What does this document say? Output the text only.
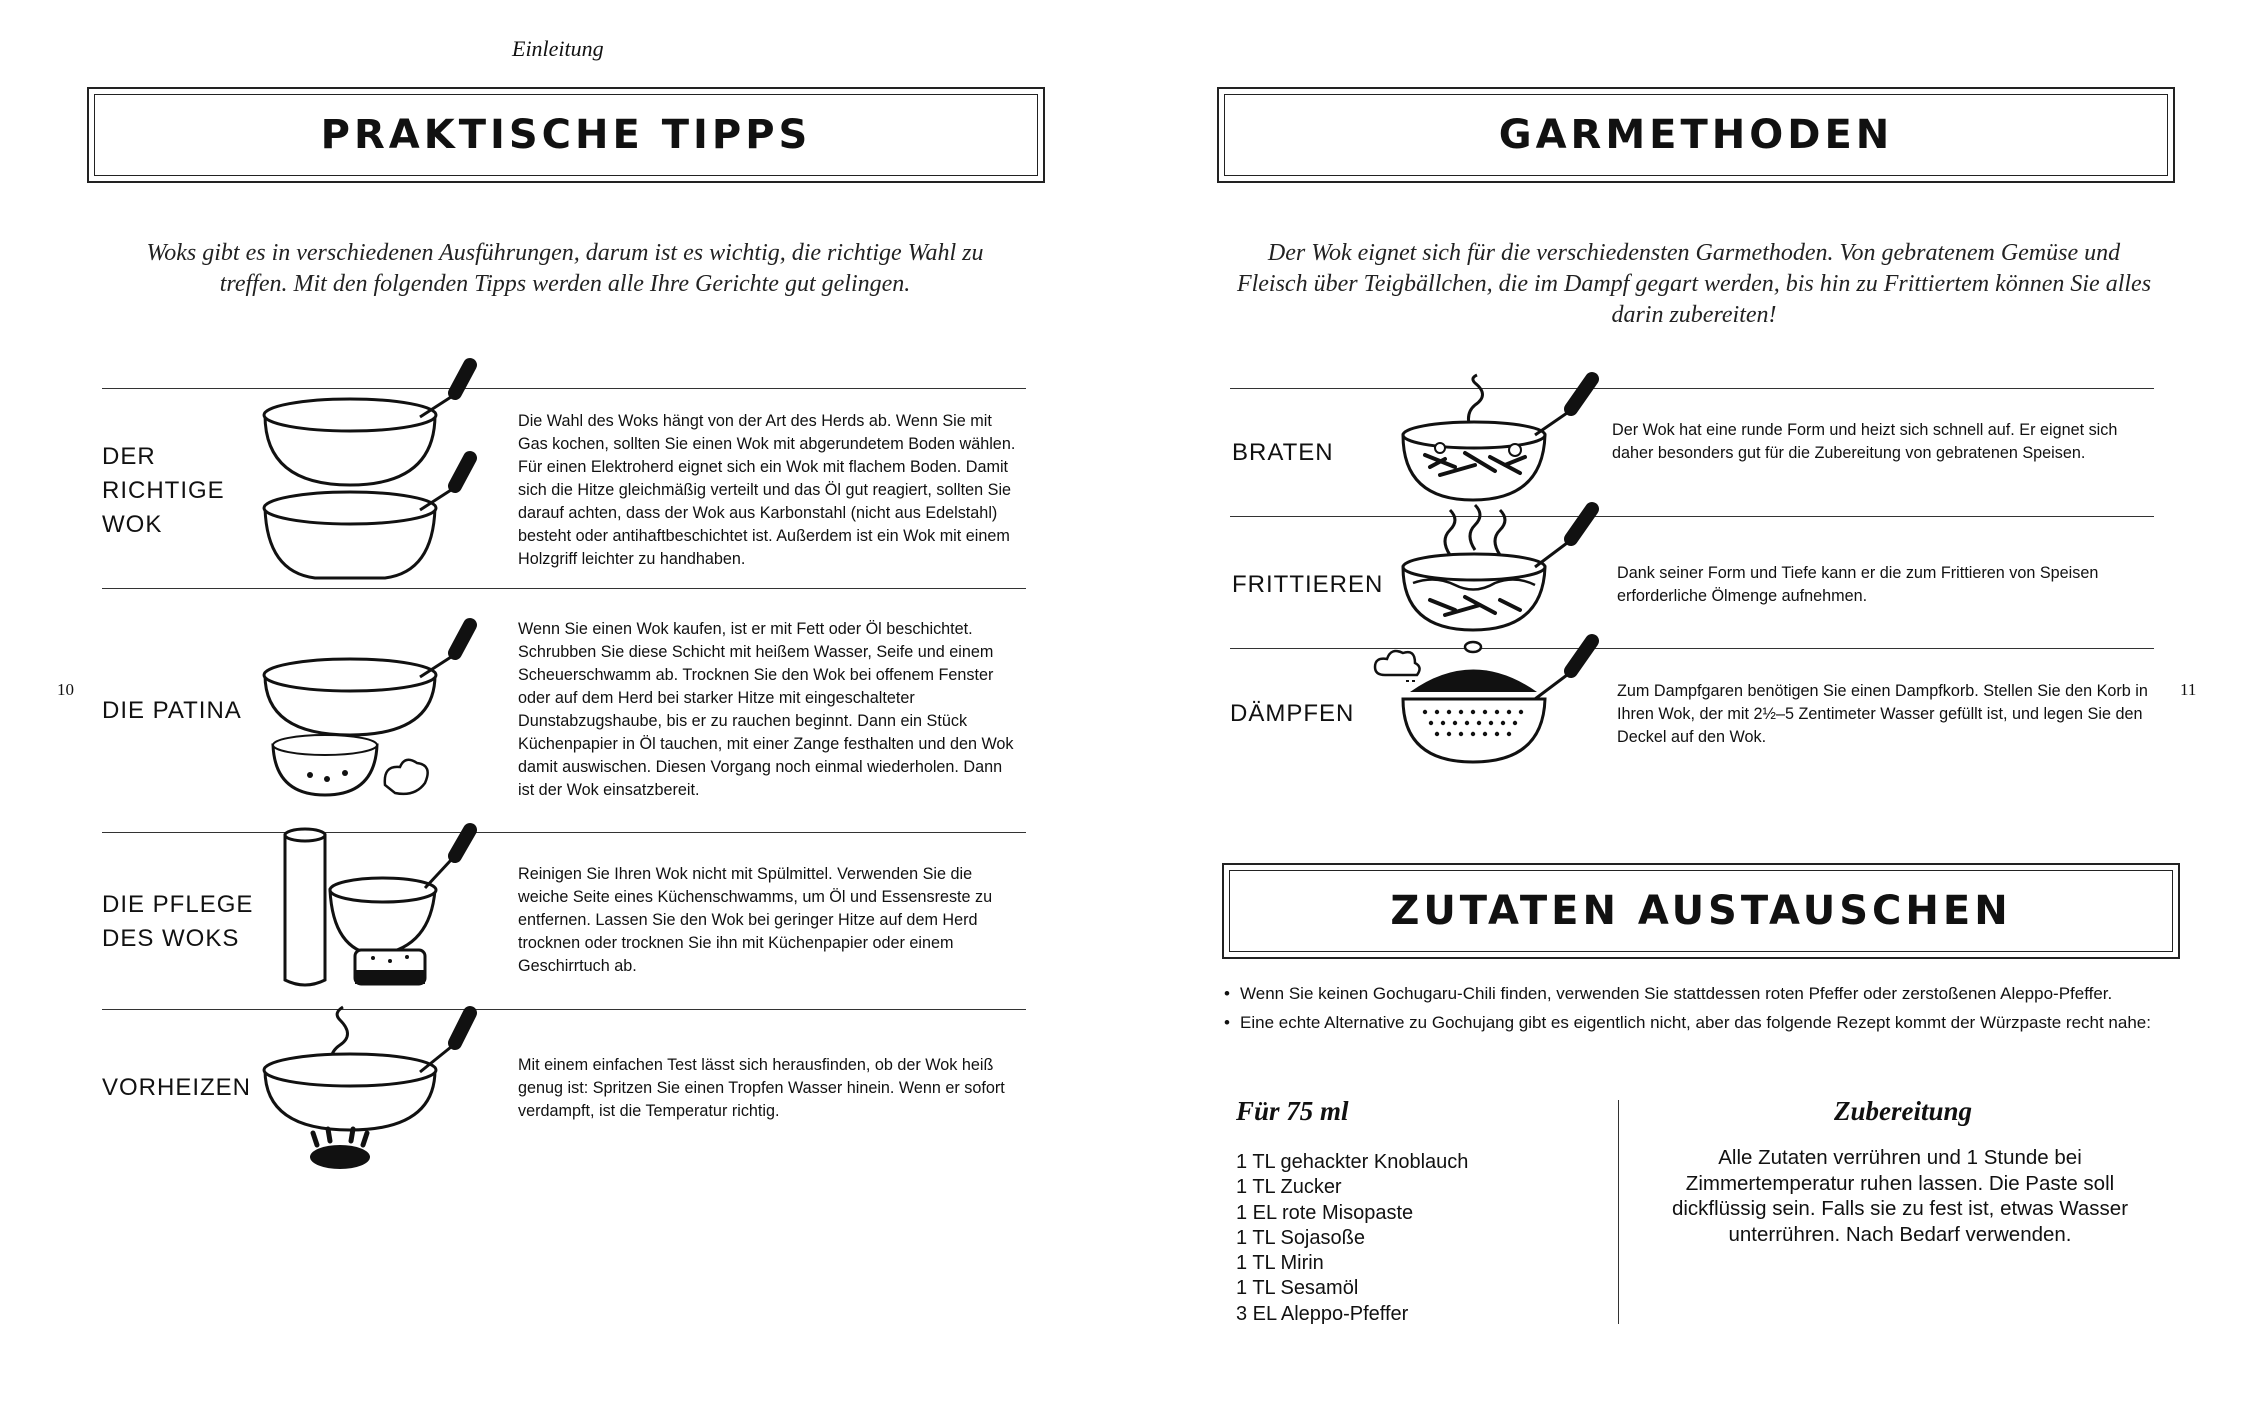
Einleitung
PRAKTISCHE TIPPS
Woks gibt es in verschiedenen Ausführungen, darum ist es wichtig, die richtige Wahl zu treffen. Mit den folgenden Tipps werden alle Ihre Gerichte gut gelingen.
DER
RICHTIGE
WOK
Die Wahl des Woks hängt von der Art des Herds ab. Wenn Sie mit Gas kochen, sollten Sie einen Wok mit abgerundetem Boden wählen. Für einen Elektroherd eignet sich ein Wok mit flachem Boden. Damit sich die Hitze gleichmäßig verteilt und das Öl gut reagiert, sollten Sie darauf achten, dass der Wok aus Karbonstahl (nicht aus Edelstahl) besteht oder antihaftbeschichtet ist. Außerdem ist ein Wok mit einem Holzgriff leichter zu handhaben.
DIE PATINA
Wenn Sie einen Wok kaufen, ist er mit Fett oder Öl beschichtet. Schrubben Sie diese Schicht mit heißem Wasser, Seife und einem Scheuerschwamm ab. Trocknen Sie den Wok bei offenem Fenster oder auf dem Herd bei starker Hitze mit eingeschalteter Dunstabzugshaube, bis er zu rauchen beginnt. Dann ein Stück Küchenpapier in Öl tauchen, mit einer Zange festhalten und den Wok damit auswischen. Diesen Vorgang noch einmal wiederholen. Dann ist der Wok einsatzbereit.
DIE PFLEGE
DES WOKS
Reinigen Sie Ihren Wok nicht mit Spülmittel. Verwenden Sie die weiche Seite eines Küchenschwamms, um Öl und Essensreste zu entfernen. Lassen Sie den Wok bei geringer Hitze auf dem Herd trocknen oder trocknen Sie ihn mit Küchenpapier oder einem Geschirrtuch ab.
VORHEIZEN
Mit einem einfachen Test lässt sich herausfinden, ob der Wok heiß genug ist: Spritzen Sie einen Tropfen Wasser hinein. Wenn er sofort verdampft, ist die Temperatur richtig.
10
GARMETHODEN
Der Wok eignet sich für die verschiedensten Garmethoden. Von gebratenem Gemüse und Fleisch über Teigbällchen, die im Dampf gegart werden, bis hin zu Frittiertem können Sie alles darin zubereiten!
BRATEN
Der Wok hat eine runde Form und heizt sich schnell auf. Er eignet sich daher besonders gut für die Zubereitung von gebratenen Speisen.
FRITTIEREN	Dank seiner Form und Tiefe kann er die zum Frittieren von Speisen erforderliche Ölmenge aufnehmen.
DÄMPFEN
Zum Dampfgaren benötigen Sie einen Dampfkorb. Stellen Sie den Korb in Ihren Wok, der mit 2½–5 Zentimeter Wasser gefüllt ist, und legen Sie den Deckel auf den Wok.
11
ZUTATEN AUSTAUSCHEN
• Wenn Sie keinen Gochugaru-Chili finden, verwenden Sie stattdessen roten Pfeffer oder zerstoßenen Aleppo-Pfeffer.
• Eine echte Alternative zu Gochujang gibt es eigentlich nicht, aber das folgende Rezept kommt der Würzpaste recht nahe:
Für 75 ml
1 TL gehackter Knoblauch
1 TL Zucker
1 EL rote Misopaste
1 TL Sojasoße
1 TL Mirin
1 TL Sesamöl
3 EL Aleppo-Pfeffer
Zubereitung
Alle Zutaten verrühren und 1 Stunde bei Zimmertemperatur ruhen lassen. Die Paste soll dickflüssig sein. Falls sie zu fest ist, etwas Wasser unterrühren. Nach Bedarf verwenden.
